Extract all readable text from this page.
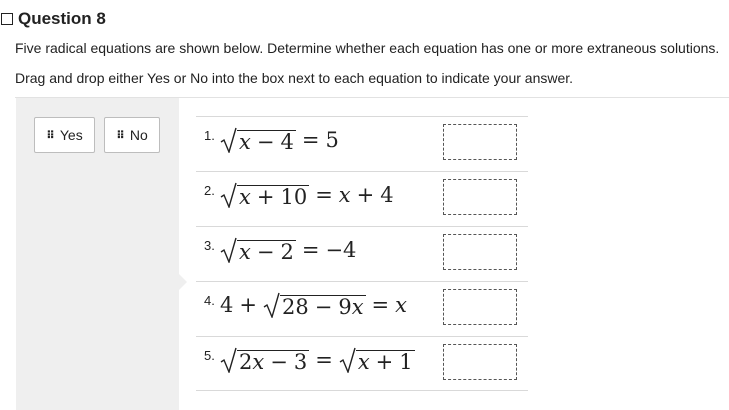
Question 8
Five radical equations are shown below. Determine whether each equation has one or more extraneous solutions.
Drag and drop either Yes or No into the box next to each equation to indicate your answer.
⠿ Yes	⠿ No	1. x − 4 = 5
2. x + 10 = x + 4
3. x − 2 = −4
4. 4 + 28 − 9x = x
5. 2x − 3 = x + 1
